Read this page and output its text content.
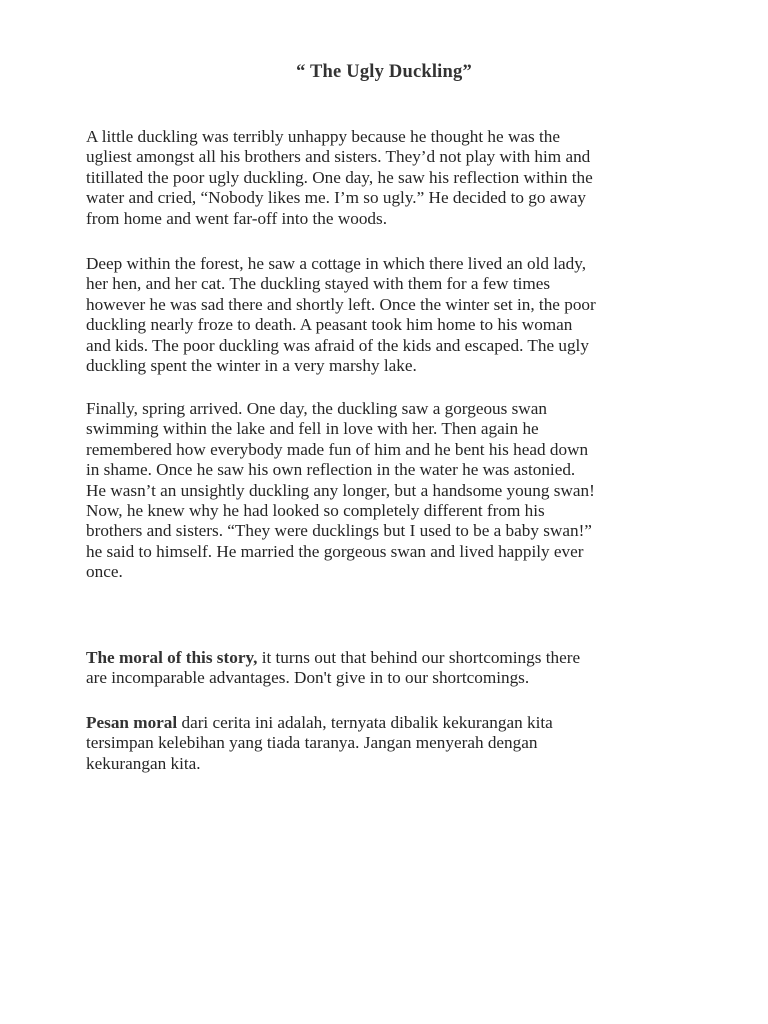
“ The Ugly Duckling”

A little duckling was terribly unhappy because he thought he was the
ugliest amongst all his brothers and sisters. They’d not play with him and
titillated the poor ugly duckling. One day, he saw his reflection within the
water and cried, “Nobody likes me. I’m so ugly.” He decided to go away
from home and went far-off into the woods.

Deep within the forest, he saw a cottage in which there lived an old lady,
her hen, and her cat. The duckling stayed with them for a few times
however he was sad there and shortly left. Once the winter set in, the poor
duckling nearly froze to death. A peasant took him home to his woman
and kids. The poor duckling was afraid of the kids and escaped. The ugly
duckling spent the winter in a very marshy lake.

Finally, spring arrived. One day, the duckling saw a gorgeous swan
swimming within the lake and fell in love with her. Then again he
remembered how everybody made fun of him and he bent his head down
in shame. Once he saw his own reflection in the water he was astonied.
He wasn’t an unsightly duckling any longer, but a handsome young swan!
Now, he knew why he had looked so completely different from his
brothers and sisters. “They were ducklings but I used to be a baby swan!”
he said to himself. He married the gorgeous swan and lived happily ever
once.

The moral of this story, it turns out that behind our shortcomings there
are incomparable advantages. Don't give in to our shortcomings.

Pesan moral dari cerita ini adalah, ternyata dibalik kekurangan kita
tersimpan kelebihan yang tiada taranya. Jangan menyerah dengan
kekurangan kita.
